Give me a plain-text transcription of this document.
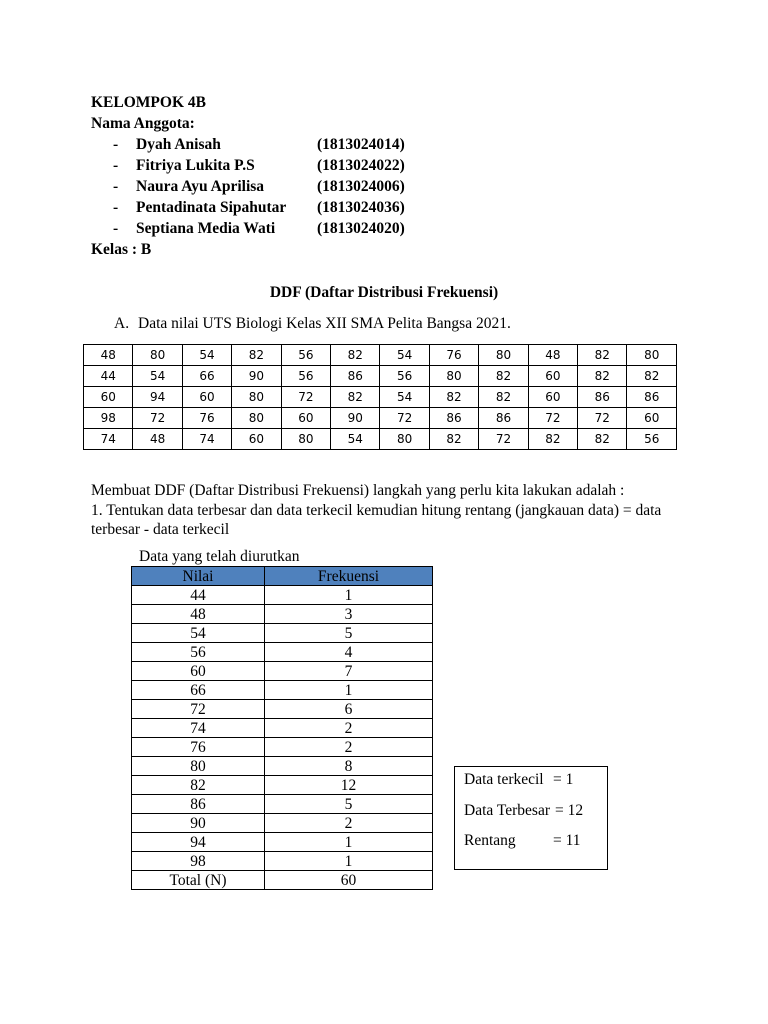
KELOMPOK 4B
Nama Anggota:
- Dyah Anisah	(1813024014)
- Fitriya Lukita P.S	(1813024022)
- Naura Ayu Aprilisa	(1813024006)
- Pentadinata Sipahutar (1813024036)
- Septiana Media Wati	(1813024020)
Kelas : B
DDF (Daftar Distribusi Frekuensi)
A. Data nilai UTS Biologi Kelas XII SMA Pelita Bangsa 2021.
48	80	54	82	56	82	54	76	80	48	82	80
44	54	66	90	56	86	56	80	82	60	82	82
60	94	60	80	72	82	54	82	82	60	86	86
98	72	76	80	60	90	72	86	86	72	72	60
74	48	74	60	80	54	80	82	72	82	82	56
Membuat DDF (Daftar Distribusi Frekuensi) langkah yang perlu kita lakukan adalah :
1. Tentukan data terbesar dan data terkecil kemudian hitung rentang (jangkauan data) = data terbesar - data terkecil
Data yang telah diurutkan
Nilai	Frekuensi
44	1
48	3
54	5
56	4
60	7
66	1
72	6
74	2
76	2
80	8
82	12
86	5
90	2
94	1
98	1
Total (N)	60
Data terkecil = 1
Data Terbesar = 12
Rentang = 11
